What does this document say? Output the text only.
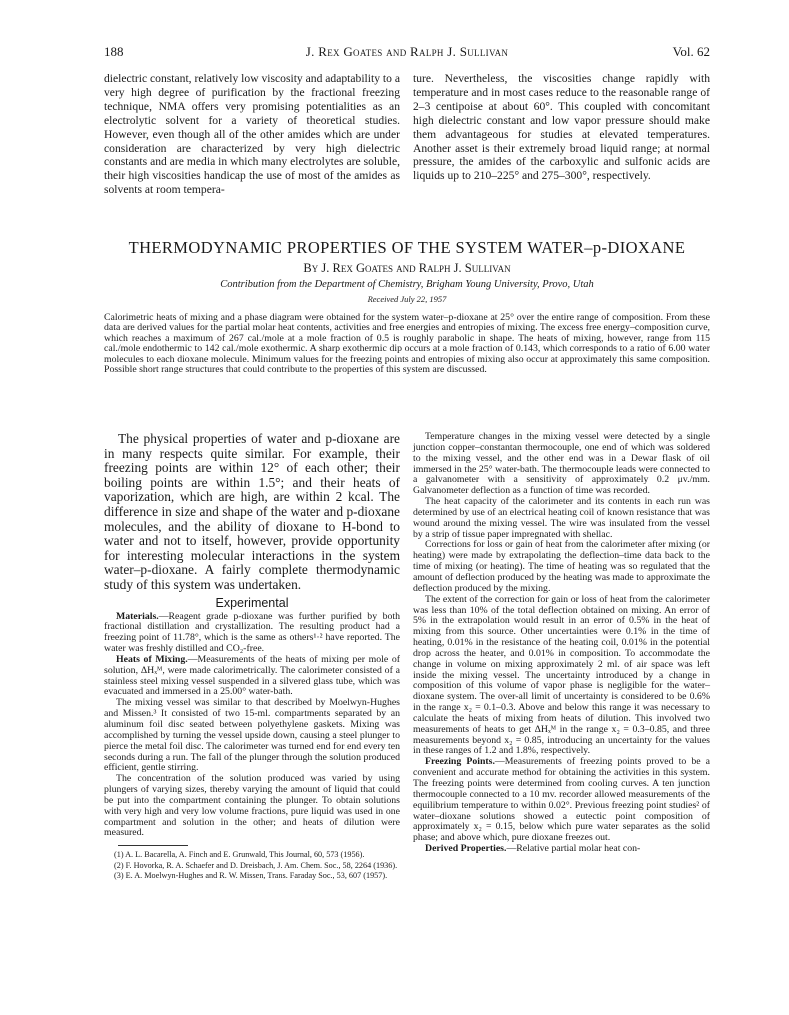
188	J. Rex Goates and Ralph J. Sullivan	Vol. 62

dielectric constant, relatively low viscosity and adaptability to a very high degree of purification by the fractional freezing technique, NMA offers very promising potentialities as an electrolytic solvent for a variety of theoretical studies. However, even though all of the other amides which are under consideration are characterized by very high dielectric constants and are media in which many electrolytes are soluble, their high viscosities handicap the use of most of the amides as solvents at room tempera-

ture. Nevertheless, the viscosities change rapidly with temperature and in most cases reduce to the reasonable range of 2–3 centipoise at about 60°. This coupled with concomitant high dielectric constant and low vapor pressure should make them advantageous for studies at elevated temperatures. Another asset is their extremely broad liquid range; at normal pressure, the amides of the carboxylic and sulfonic acids are liquids up to 210–225° and 275–300°, respectively.

THERMODYNAMIC PROPERTIES OF THE SYSTEM WATER–p-DIOXANE
By J. Rex Goates and Ralph J. Sullivan
Contribution from the Department of Chemistry, Brigham Young University, Provo, Utah
Received July 22, 1957
Calorimetric heats of mixing and a phase diagram were obtained for the system water–p-dioxane at 25° over the entire range of composition. From these data are derived values for the partial molar heat contents, activities and free energies and entropies of mixing. The excess free energy–composition curve, which reaches a maximum of 267 cal./mole at a mole fraction of 0.5 is roughly parabolic in shape. The heats of mixing, however, range from 115 cal./mole endothermic to 142 cal./mole exothermic. A sharp exothermic dip occurs at a mole fraction of 0.143, which corresponds to a ratio of 6.00 water molecules to each dioxane molecule. Minimum values for the freezing points and entropies of mixing also occur at approximately this same composition. Possible short range structures that could contribute to the properties of this system are discussed.

The physical properties of water and p-dioxane are in many respects quite similar. For example, their freezing points are within 12° of each other; their boiling points are within 1.5°; and their heats of vaporization, which are high, are within 2 kcal. The difference in size and shape of the water and p-dioxane molecules, and the ability of dioxane to H-bond to water and not to itself, however, provide opportunity for interesting molecular interactions in the system water–p-dioxane. A fairly complete thermodynamic study of this system was undertaken.

Experimental

Materials.—Reagent grade p-dioxane was further purified by both fractional distillation and crystallization. The resulting product had a freezing point of 11.78°, which is the same as others¹·² have reported. The water was freshly distilled and CO₂-free.

Heats of Mixing.—Measurements of the heats of mixing per mole of solution, ΔHₓᴹ, were made calorimetrically. The calorimeter consisted of a stainless steel mixing vessel suspended in a silvered glass tube, which was evacuated and immersed in a 25.00° water-bath.

The mixing vessel was similar to that described by Moelwyn-Hughes and Missen.³ It consisted of two 15-ml. compartments separated by an aluminum foil disc seated between polyethylene gaskets. Mixing was accomplished by turning the vessel upside down, causing a steel plunger to pierce the metal foil disc. The calorimeter was turned end for end every ten seconds during a run. The fall of the plunger through the solution produced efficient, gentle stirring.

The concentration of the solution produced was varied by using plungers of varying sizes, thereby varying the amount of liquid that could be put into the compartment containing the plunger. To obtain solutions with very high and very low volume fractions, pure liquid was used in one compartment and solution in the other; and heats of dilution were measured.

(1) A. L. Bacarella, A. Finch and E. Grunwald, This Journal, 60, 573 (1956).

(2) F. Hovorka, R. A. Schaefer and D. Dreisbach, J. Am. Chem. Soc., 58, 2264 (1936).

(3) E. A. Moelwyn-Hughes and R. W. Missen, Trans. Faraday Soc., 53, 607 (1957).

Temperature changes in the mixing vessel were detected by a single junction copper–constantan thermocouple, one end of which was soldered to the mixing vessel, and the other end was in a Dewar flask of oil immersed in the 25° water-bath. The thermocouple leads were connected to a galvanometer with a sensitivity of approximately 0.2 μv./mm. Galvanometer deflection as a function of time was recorded.

The heat capacity of the calorimeter and its contents in each run was determined by use of an electrical heating coil of known resistance that was wound around the mixing vessel. The wire was insulated from the vessel by a strip of tissue paper impregnated with shellac.

Corrections for loss or gain of heat from the calorimeter after mixing (or heating) were made by extrapolating the deflection–time data back to the time of mixing (or heating). The time of heating was so regulated that the amount of deflection produced by the heating was made to approximate the deflection produced by the mixing.

The extent of the correction for gain or loss of heat from the calorimeter was less than 10% of the total deflection obtained on mixing. An error of 5% in the extrapolation would result in an error of 0.5% in the heat of mixing from this source. Other uncertainties were 0.1% in the time of heating, 0.01% in the resistance of the heating coil, 0.01% in the potential drop across the heater, and 0.01% in composition. To accommodate the change in volume on mixing approximately 2 ml. of air space was left inside the mixing vessel. The uncertainty introduced by a change in composition of this volume of vapor phase is negligible for the water–dioxane system. The over-all limit of uncertainty is considered to be 0.6% in the range x₂ = 0.1–0.3. Above and below this range it was necessary to calculate the heats of mixing from heats of dilution. This involved two measurements of heats to get ΔHₓᴹ in the range x₂ = 0.3–0.85, and three measurements beyond x₂ = 0.85, introducing an uncertainty for the values in these ranges of 1.2 and 1.8%, respectively.

Freezing Points.—Measurements of freezing points proved to be a convenient and accurate method for obtaining the activities in this system. The freezing points were determined from cooling curves. A ten junction thermocouple connected to a 10 mv. recorder allowed measurements of the equilibrium temperature to within 0.02°. Previous freezing point studies² of water–dioxane solutions showed a eutectic point composition of approximately x₂ = 0.15, below which pure water separates as the solid phase; and above which, pure dioxane freezes out.

Derived Properties.—Relative partial molar heat con-
